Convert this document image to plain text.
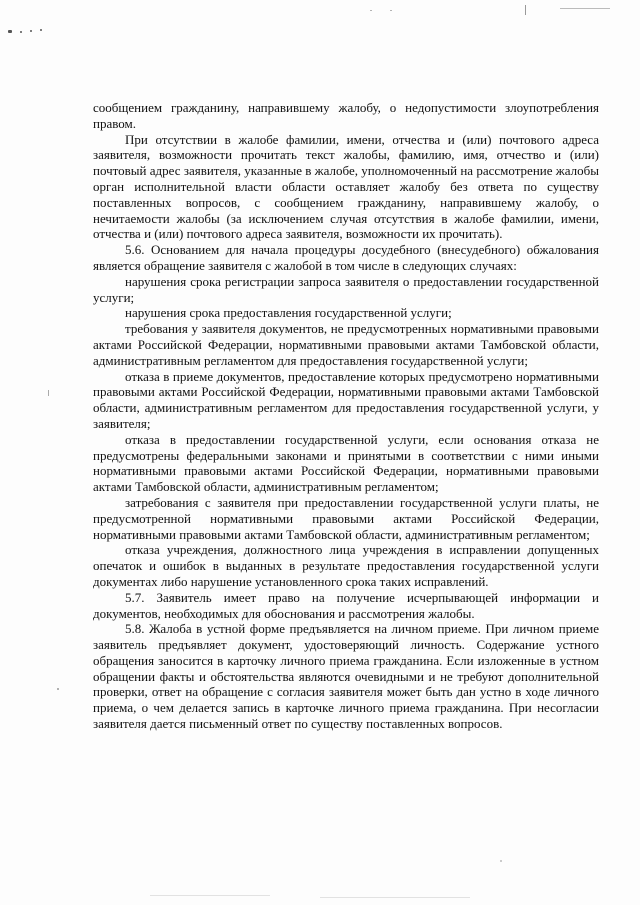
сообщением гражданину, направившему жалобу, о недопустимости злоупотребления правом.

При отсутствии в жалобе фамилии, имени, отчества и (или) почтового адреса заявителя, возможности прочитать текст жалобы, фамилию, имя, отчество и (или) почтовый адрес заявителя, указанные в жалобе, уполномоченный на рассмотрение жалобы орган исполнительной власти области оставляет жалобу без ответа по существу поставленных вопросов, с сообщением гражданину, направившему жалобу, о нечитаемости жалобы (за исключением случая отсутствия в жалобе фамилии, имени, отчества и (или) почтового адреса заявителя, возможности их прочитать).

5.6. Основанием для начала процедуры досудебного (внесудебного) обжалования является обращение заявителя с жалобой в том числе в следующих случаях:

нарушения срока регистрации запроса заявителя о предоставлении государственной услуги;

нарушения срока предоставления государственной услуги;

требования у заявителя документов, не предусмотренных нормативными правовыми актами Российской Федерации, нормативными правовыми актами Тамбовской области, административным регламентом для предоставления государственной услуги;

отказа в приеме документов, предоставление которых предусмотрено нормативными правовыми актами Российской Федерации, нормативными правовыми актами Тамбовской области, административным регламентом для предоставления государственной услуги, у заявителя;

отказа в предоставлении государственной услуги, если основания отказа не предусмотрены федеральными законами и принятыми в соответствии с ними иными нормативными правовыми актами Российской Федерации, нормативными правовыми актами Тамбовской области, административным регламентом;

затребования с заявителя при предоставлении государственной услуги платы, не предусмотренной нормативными правовыми актами Российской Федерации, нормативными правовыми актами Тамбовской области, административным регламентом;

отказа учреждения, должностного лица учреждения в исправлении допущенных опечаток и ошибок в выданных в результате предоставления государственной услуги документах либо нарушение установленного срока таких исправлений.

5.7. Заявитель имеет право на получение исчерпывающей информации и документов, необходимых для обоснования и рассмотрения жалобы.

5.8. Жалоба в устной форме предъявляется на личном приеме. При личном приеме заявитель предъявляет документ, удостоверяющий личность. Содержание устного обращения заносится в карточку личного приема гражданина. Если изложенные в устном обращении факты и обстоятельства являются очевидными и не требуют дополнительной проверки, ответ на обращение с согласия заявителя может быть дан устно в ходе личного приема, о чем делается запись в карточке личного приема гражданина. При несогласии заявителя дается письменный ответ по существу поставленных вопросов.
